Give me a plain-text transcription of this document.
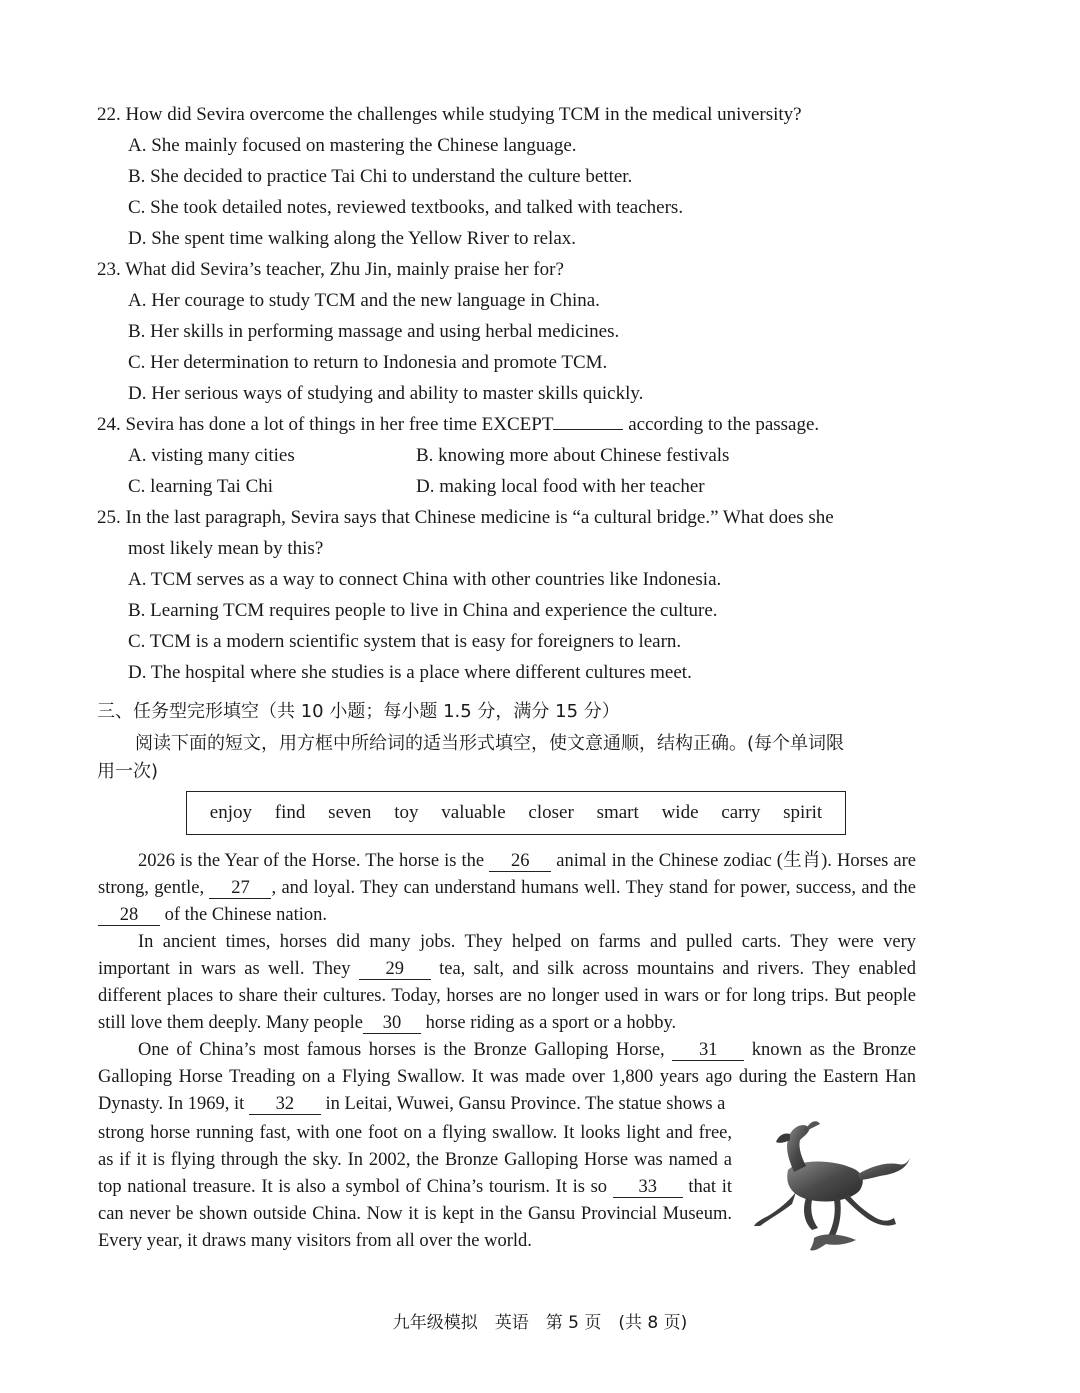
22. How did Sevira overcome the challenges while studying TCM in the medical university?
A. She mainly focused on mastering the Chinese language.
B. She decided to practice Tai Chi to understand the culture better.
C. She took detailed notes, reviewed textbooks, and talked with teachers.
D. She spent time walking along the Yellow River to relax.
23. What did Sevira’s teacher, Zhu Jin, mainly praise her for?
A. Her courage to study TCM and the new language in China.
B. Her skills in performing massage and using herbal medicines.
C. Her determination to return to Indonesia and promote TCM.
D. Her serious ways of studying and ability to master skills quickly.
24. Sevira has done a lot of things in her free time EXCEPT	according to the passage.
A. visting many cities	B. knowing more about Chinese festivals
C. learning Tai Chi	D. making local food with her teacher
25. In the last paragraph, Sevira says that Chinese medicine is “a cultural bridge.” What does she
most likely mean by this?
A. TCM serves as a way to connect China with other countries like Indonesia.
B. Learning TCM requires people to live in China and experience the culture.
C. TCM is a modern scientific system that is easy for foreigners to learn.
D. The hospital where she studies is a place where different cultures meet.
三、任务型完形填空（共 10 小题；每小题 1.5 分，满分 15 分）
阅读下面的短文，用方框中所给词的适当形式填空，使文意通顺，结构正确。(每个单词限
用一次)
enjoy find seven toy valuable closer smart wide carry spirit

2026 is the Year of the Horse. The horse is the 26 animal in the Chinese zodiac (生肖). Horses are strong, gentle, 27 , and loyal. They can understand humans well. They stand for power, success, and the 28 of the Chinese nation.

In ancient times, horses did many jobs. They helped on farms and pulled carts. They were very important in wars as well. They 29 tea, salt, and silk across mountains and rivers. They enabled different places to share their cultures. Today, horses are no longer used in wars or for long trips. But people still love them deeply. Many people 30 horse riding as a sport or a hobby.

One of China’s most famous horses is the Bronze Galloping Horse, 31 known as the Bronze Galloping Horse Treading on a Flying Swallow. It was made over 1,800 years ago during the Eastern Han Dynasty. In 1969, it 32 in Leitai, Wuwei, Gansu Province. The statue shows a

strong horse running fast, with one foot on a flying swallow. It looks light and free, as if it is flying through the sky. In 2002, the Bronze Galloping Horse was named a top national treasure. It is also a symbol of China’s tourism. It is so 33 that it can never be shown outside China. Now it is kept in the Gansu Provincial Museum. Every year, it draws many visitors from all over the world.

九年级模拟　英语　第 5 页　(共 8 页)
